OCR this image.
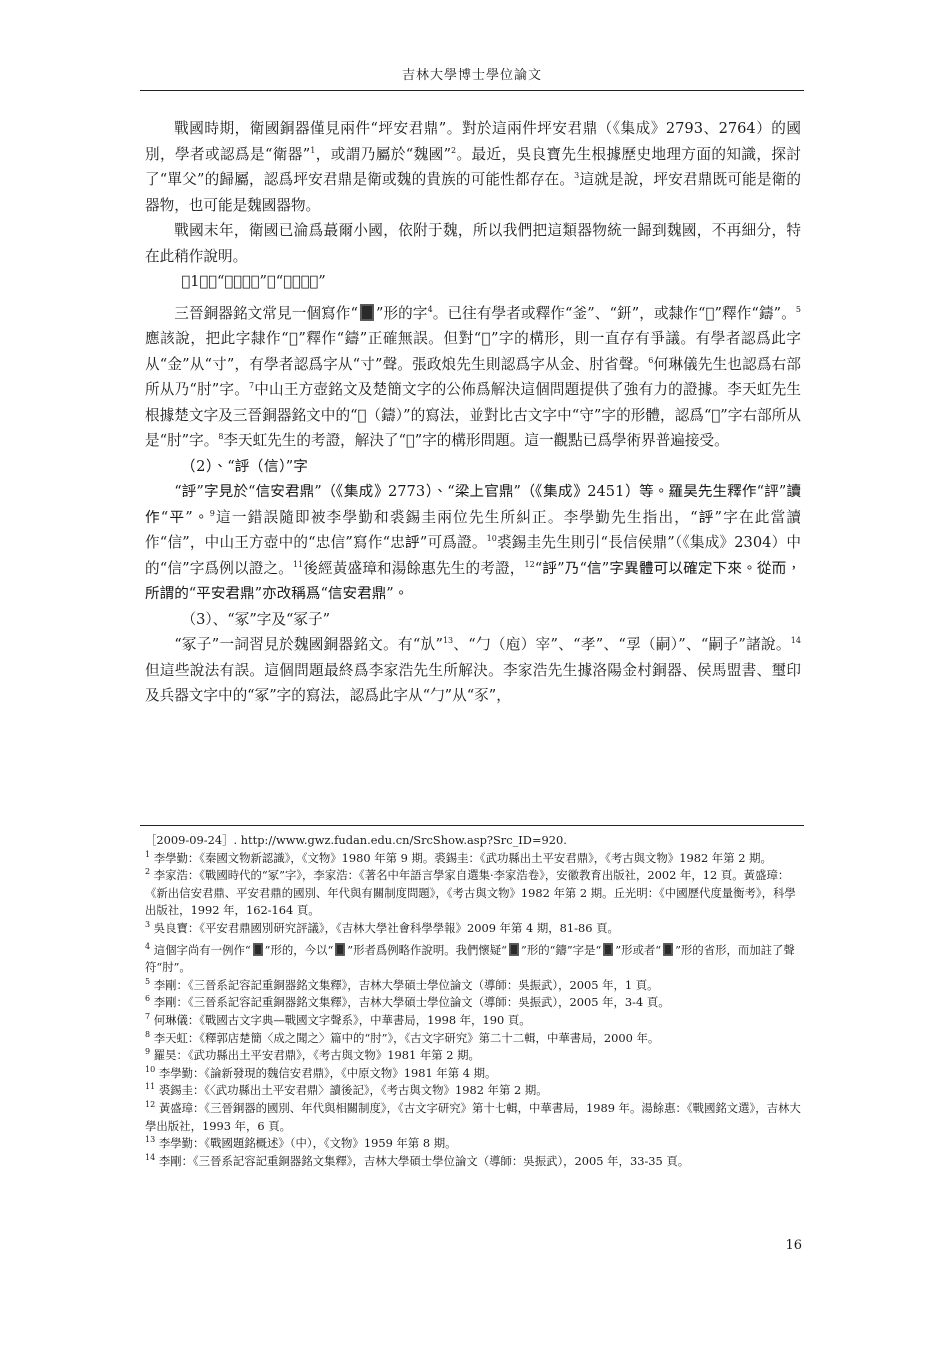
吉林大學博士學位論文

戰國時期，衛國銅器僅見兩件“坪安君鼎”。對於這兩件坪安君鼎（《集成》2793、2764）的國別，學者或認爲是“衛器”$^1$，或謂乃屬於“魏國”$^2$。最近，吳良寶先生根據歷史地理方面的知識，探討了“單父”的歸屬，認爲坪安君鼎是衛或魏的貴族的可能性都存在。$^3$這就是說，坪安君鼎既可能是衛的器物，也可能是魏國器物。

戰國末年，衛國已淪爲蕞爾小國，依附于魏，所以我們把這類器物統一歸到魏國，不再細分，特在此稍作說明。

（1）、“𨥺（鑄）”、“𨥒（鑄）”

三晉銅器銘文常見一個寫作“ ”形的字$^4$。已往有學者或釋作“釜”、“鈃”，或隸作“𨥺”釋作“鑄”。$^5$應該說，把此字隸作“𨥺”釋作“鑄”正確無誤。但對“𨥺”字的構形，則一直存有爭議。有學者認爲此字从“金”从“寸”，有學者認爲字从“寸”聲。張政烺先生則認爲字从金、肘省聲。$^6$何琳儀先生也認爲右部所从乃“肘”字。$^7$中山王方壺銘文及楚簡文字的公佈爲解決這個問題提供了強有力的證據。李天虹先生根據楚文字及三晉銅器銘文中的“𨥺（鑄）”的寫法，並對比古文字中“守”字的形體，認爲“𨥺”字右部所从是“肘”字。$^8$李天虹先生的考證，解決了“𨥺”字的構形問題。這一觀點已爲學術界普遍接受。

（2）、“𧦝（信）”字

“𧦝”字見於“信安君鼎”（《集成》2773）、“梁上官鼎”（《集成》2451）等。羅昊先生釋作“評”讀作“平”。$^9$這一錯誤隨即被李學勤和裘錫圭兩位先生所糾正。李學勤先生指出，“𧦝”字在此當讀作“信”，中山王方壺中的“忠信”寫作“忠𧦝”可爲證。$^{10}$裘錫圭先生則引“長信侯鼎”（《集成》2304）中的“信”字爲例以證之。$^{11}$後經黃盛璋和湯餘惠先生的考證，$^{12}$“𧦝”乃“信”字異體可以確定下來。從而，所謂的“平安君鼎”亦改稱爲“信安君鼎”。

（3）、“冢”字及“冢子”

“冢子”一詞習見於魏國銅器銘文。有“㫃”$^{13}$、“勹（庖）宰”、“孝”、“孠（嗣）”、“嗣子”諸說。$^{14}$但這些說法有誤。這個問題最終爲李家浩先生所解決。李家浩先生據洛陽金村銅器、侯馬盟書、璽印及兵器文字中的“冢”字的寫法，認爲此字从“勹”从“豕”，

［2009-09-24］. http://www.gwz.fudan.edu.cn/SrcShow.asp?Src_ID=920.

$^1$ 李學勤：《秦國文物新認識》，《文物》1980 年第 9 期。裘錫圭：《武功縣出土平安君鼎》，《考古與文物》1982 年第 2 期。

$^2$ 李家浩：《戰國時代的“冢”字》，李家浩：《著名中年語言學家自選集·李家浩卷》，安徽教育出版社，2002 年，12 頁。黃盛璋：《新出信安君鼎、平安君鼎的國別、年代與有關制度問題》，《考古與文物》1982 年第 2 期。丘光明：《中國歷代度量衡考》，科學出版社，1992 年，162-164 頁。

$^3$ 吳良寶：《平安君鼎國別研究評議》，《吉林大學社會科學學報》2009 年第 4 期，81-86 頁。

$^4$ 這個字尚有一例作“ ”形的，今以“ ”形者爲例略作說明。我們懷疑“ ”形的“鑄”字是“ ”形或者“ ”形的省形，而加註了聲符“肘”。

$^5$ 李剛：《三晉系記容記重銅器銘文集釋》，吉林大學碩士學位論文（導師：吳振武），2005 年，1 頁。

$^6$ 李剛：《三晉系記容記重銅器銘文集釋》，吉林大學碩士學位論文（導師：吳振武），2005 年，3-4 頁。

$^7$ 何琳儀：《戰國古文字典—戰國文字聲系》，中華書局，1998 年，190 頁。

$^8$ 李天虹：《釋郭店楚簡〈成之聞之〉篇中的“肘”》，《古文字研究》第二十二輯，中華書局，2000 年。

$^9$ 羅昊：《武功縣出土平安君鼎》，《考古與文物》1981 年第 2 期。

$^{10}$ 李學勤：《論新發現的魏信安君鼎》，《中原文物》1981 年第 4 期。

$^{11}$ 裘錫圭：《〈武功縣出土平安君鼎〉讀後記》，《考古與文物》1982 年第 2 期。

$^{12}$ 黃盛璋：《三晉銅器的國別、年代與相關制度》，《古文字研究》第十七輯，中華書局，1989 年。湯餘惠：《戰國銘文選》，吉林大學出版社，1993 年，6 頁。

$^{13}$ 李學勤：《戰國題銘概述》（中），《文物》1959 年第 8 期。

$^{14}$ 李剛：《三晉系記容記重銅器銘文集釋》，吉林大學碩士學位論文（導師：吳振武），2005 年，33-35 頁。

16
